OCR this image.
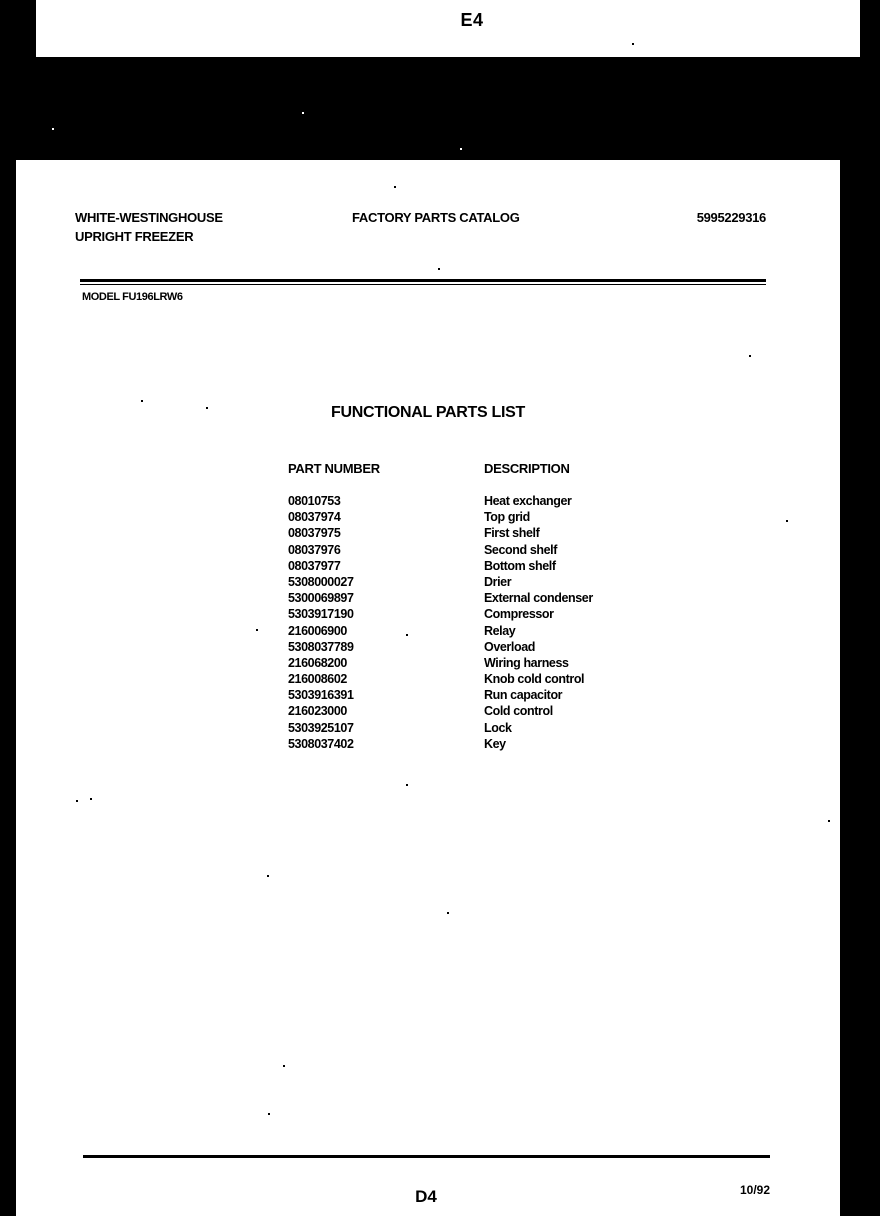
E4
WHITE-WESTINGHOUSE
UPRIGHT FREEZER
FACTORY PARTS CATALOG	5995229316
MODEL FU196LRW6
FUNCTIONAL PARTS LIST
PART NUMBER	DESCRIPTION
08010753	Heat exchanger
08037974	Top grid
08037975	First shelf
08037976	Second shelf
08037977	Bottom shelf
5308000027	Drier
5300069897	External condenser
5303917190	Compressor
216006900	Relay
5308037789	Overload
216068200	Wiring harness
216008602	Knob cold control
5303916391	Run capacitor
216023000	Cold control
5303925107	Lock
5308037402	Key
D4	10/92
